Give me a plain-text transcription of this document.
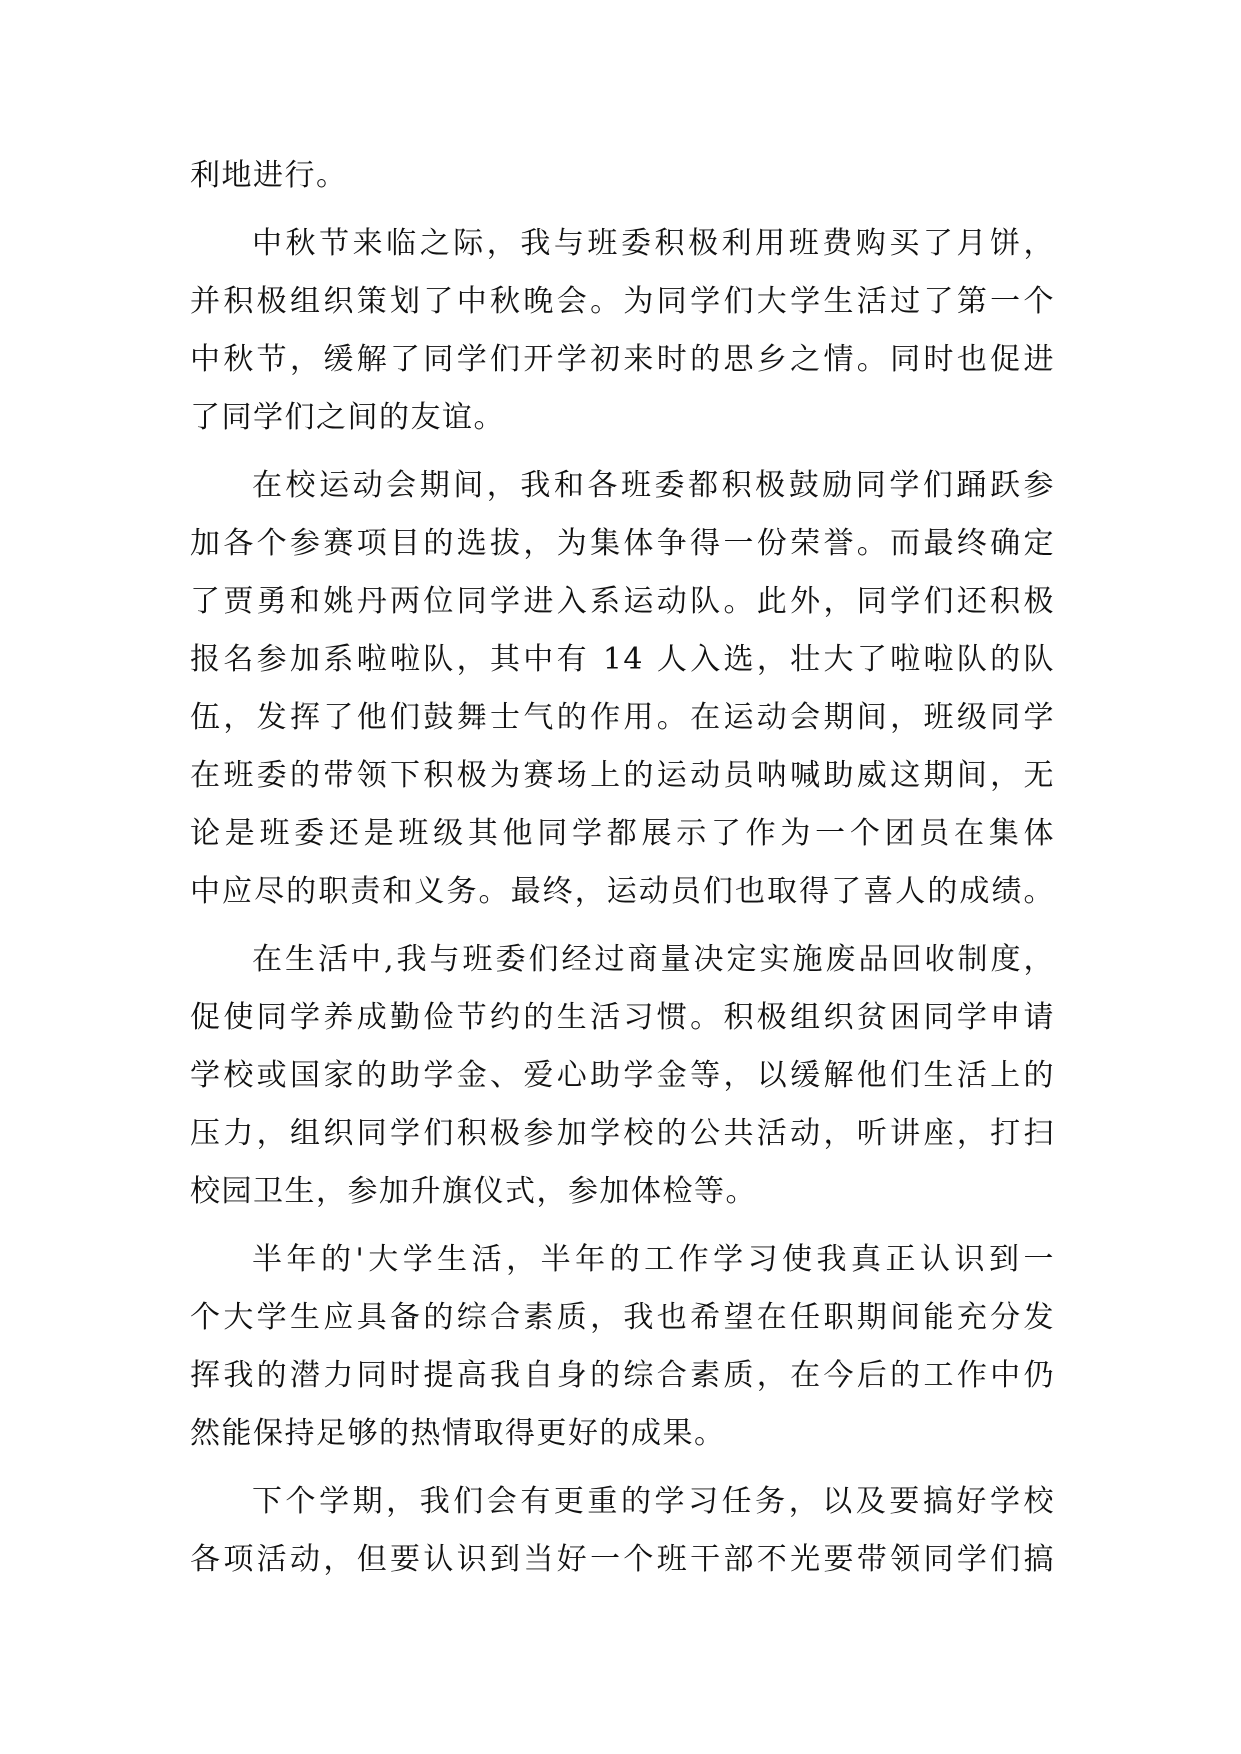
利地进行。
中秋节来临之际，我与班委积极利用班费购买了月饼，
并积极组织策划了中秋晚会。为同学们大学生活过了第一个
中秋节，缓解了同学们开学初来时的思乡之情。同时也促进
了同学们之间的友谊。
在校运动会期间，我和各班委都积极鼓励同学们踊跃参
加各个参赛项目的选拔，为集体争得一份荣誉。而最终确定
了贾勇和姚丹两位同学进入系运动队。此外，同学们还积极
报名参加系啦啦队，其中有 14 人入选，壮大了啦啦队的队
伍，发挥了他们鼓舞士气的作用。在运动会期间，班级同学
在班委的带领下积极为赛场上的运动员呐喊助威这期间，无
论是班委还是班级其他同学都展示了作为一个团员在集体
中应尽的职责和义务。最终，运动员们也取得了喜人的成绩。
在生活中,我与班委们经过商量决定实施废品回收制度，
促使同学养成勤俭节约的生活习惯。积极组织贫困同学申请
学校或国家的助学金、爱心助学金等，以缓解他们生活上的
压力，组织同学们积极参加学校的公共活动，听讲座，打扫
校园卫生，参加升旗仪式，参加体检等。
半年的'大学生活，半年的工作学习使我真正认识到一
个大学生应具备的综合素质，我也希望在任职期间能充分发
挥我的潜力同时提高我自身的综合素质，在今后的工作中仍
然能保持足够的热情取得更好的成果。
下个学期，我们会有更重的学习任务，以及要搞好学校
各项活动，但要认识到当好一个班干部不光要带领同学们搞
